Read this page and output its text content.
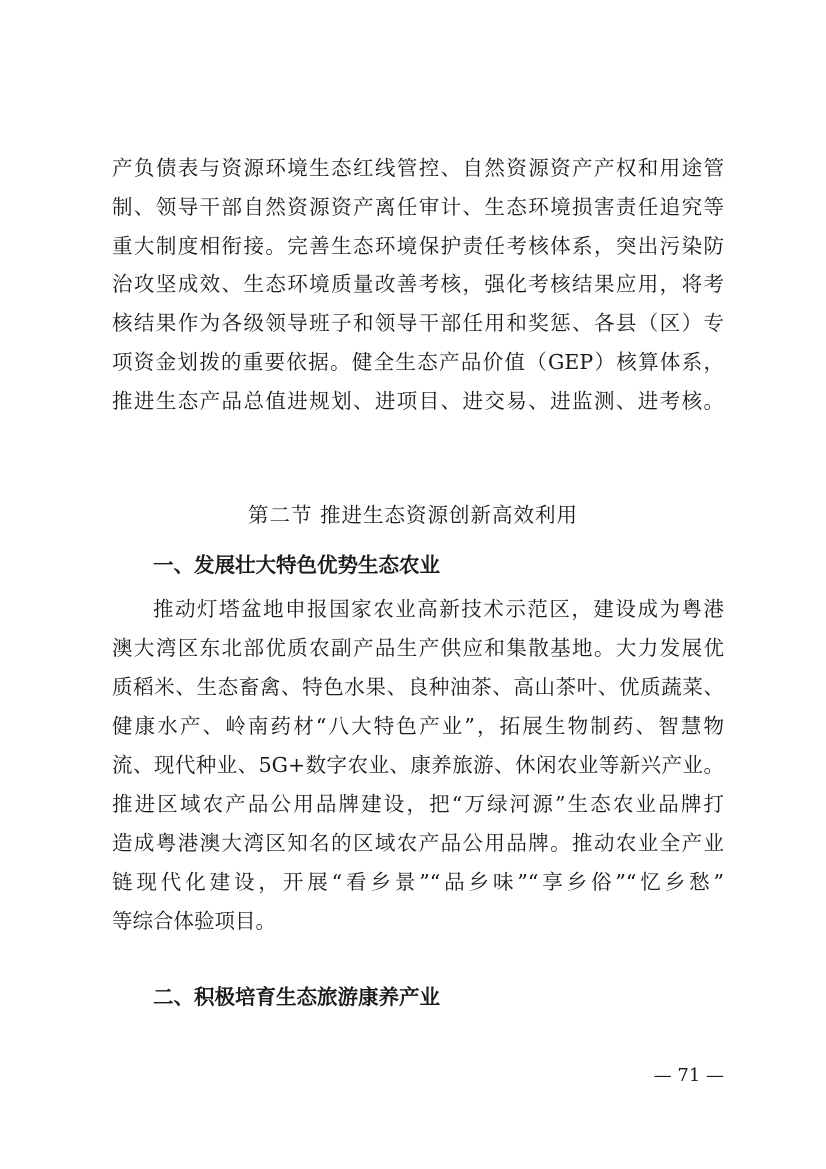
产负债表与资源环境生态红线管控、自然资源资产产权和用途管
制、领导干部自然资源资产离任审计、生态环境损害责任追究等
重大制度相衔接。完善生态环境保护责任考核体系，突出污染防
治攻坚成效、生态环境质量改善考核，强化考核结果应用，将考
核结果作为各级领导班子和领导干部任用和奖惩、各县（区）专
项资金划拨的重要依据。健全生态产品价值（GEP）核算体系，
推进生态产品总值进规划、进项目、进交易、进监测、进考核。
第二节 推进生态资源创新高效利用
一、发展壮大特色优势生态农业
推动灯塔盆地申报国家农业高新技术示范区，建设成为粤港
澳大湾区东北部优质农副产品生产供应和集散基地。大力发展优
质稻米、生态畜禽、特色水果、良种油茶、高山茶叶、优质蔬菜、
健康水产、岭南药材“八大特色产业”，拓展生物制药、智慧物
流、现代种业、5G+数字农业、康养旅游、休闲农业等新兴产业。
推进区域农产品公用品牌建设，把“万绿河源”生态农业品牌打
造成粤港澳大湾区知名的区域农产品公用品牌。推动农业全产业
链现代化建设，开展“看乡景”“品乡味”“享乡俗”“忆乡愁”
等综合体验项目。
二、积极培育生态旅游康养产业
— 71 —
